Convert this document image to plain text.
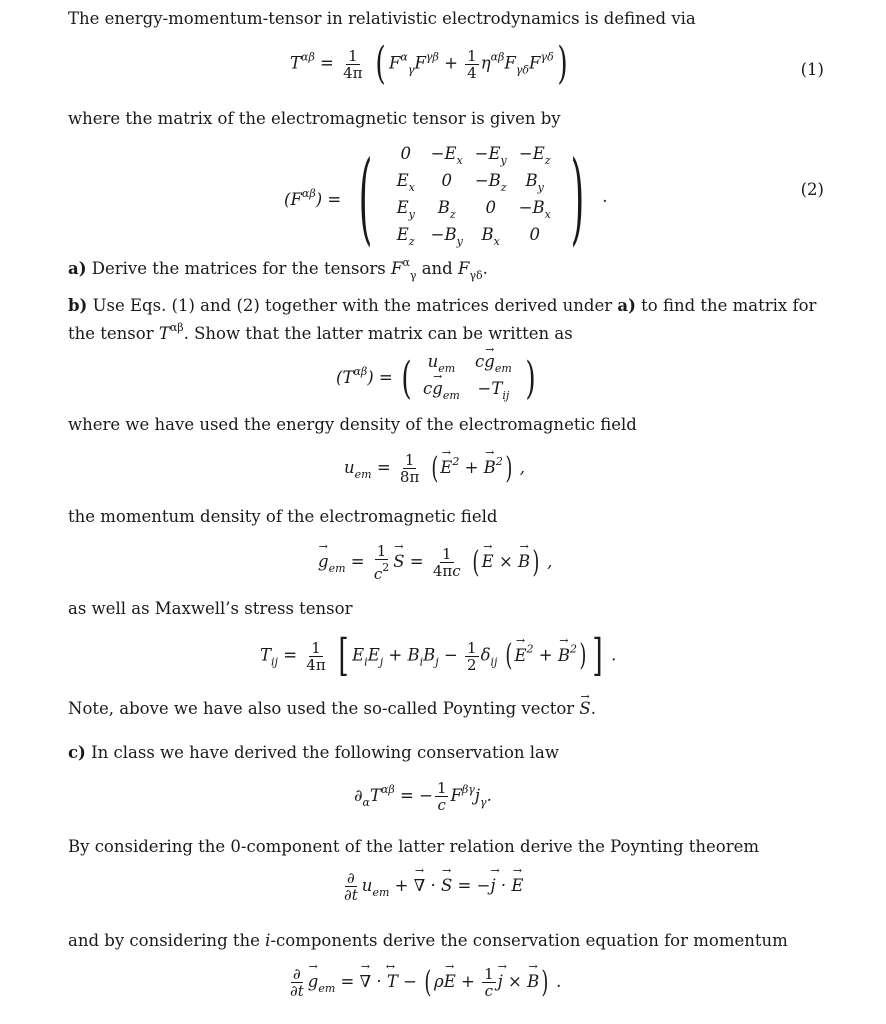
The energy-momentum-tensor in relativistic electrodynamics is defined via
$T^{\alpha\beta} = \frac{1}{4\pi}$ ( $F^\alpha_\gamma F^{\gamma\beta} + \frac{1}{4} \eta^{\alpha\beta}F_{\gamma\delta}F^{\gamma\delta}$)	(1)
where the matrix of the electromagnetic tensor is given by
$(F^{\alpha\beta})$ = (	0	$-E_x -E_y -E_z$
$E_x$	0	$-B_z$	$B_y$
$E_y$	$B_z$	0	$-B_x$
$E_z -B_y$	$B_x$	0 ) .	(2)
a) Derive the matrices for the tensors $F^\alpha_\gamma$ and $F_{\gamma\delta}$.
b) Use Eqs. (1) and (2) together with the matrices derived under a) to find the matrix for the tensor $T^{\alpha\beta}$. Show that the latter matrix can be written as
$(T^{\alpha\beta})$ = ( $u_{em}$	$c\to g_{em}$
$c\to g_{em}$	$-T_{ij}$ )
where we have used the energy density of the electromagnetic field
$u_{em} = \frac{1}{8\pi}$ (→ $E^2$ + → $B^2$) ,
the momentum density of the electromagnetic field
→ $g_{em} = \frac{1}{c^2}$
→ $S = \frac{1}{4\pi c}$ (→ E × → B) ,
as well as Maxwell’s stress tensor
$T_{ij} = \frac{1}{4\pi}$ [ $E_iE_j + B_iB_j - \frac{1}{2} \delta_{ij}$ (→ $E^2$ + → $B^2$) ] .
Note, above we have also used the so-called Poynting vector → S.
c) In class we have derived the following conservation law
$\partial_\alpha T^{\alpha\beta}$ = − $\frac{1}{c} F^{\beta\gamma}j_\gamma$.
By considering the 0-component of the latter relation derive the Poynting theorem
$\frac{\partial}{\partial t} u_{em}$ + → ∇ · → S = −→ j · → E
and by considering the i-components derive the conservation equation for momentum
$\frac{\partial}{\partial t}$
→ $g_{em}$ = → ∇ ·
↔
T − ( $\rho\to E + \frac{1}{c}$
→ j × → B) .
